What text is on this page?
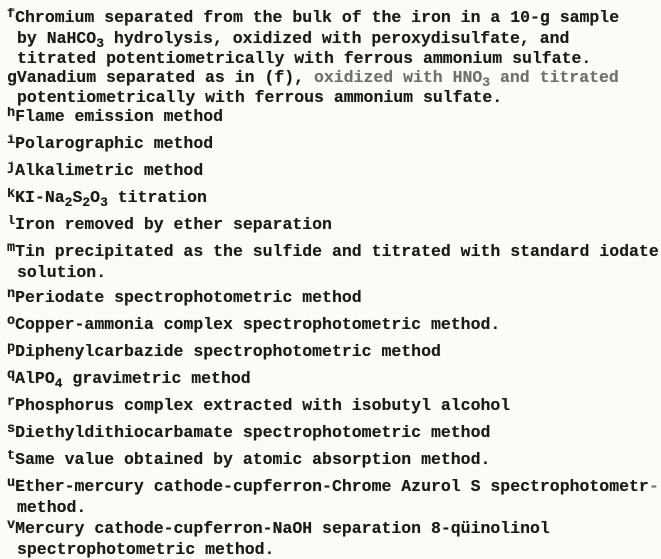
fChromium separated from the bulk of the iron in a 10-g sample
by NaHCO3 hydrolysis, oxidized with peroxydisulfate, and
titrated potentiometrically with ferrous ammonium sulfate.
gVanadium separated as in (f), oxidized with HNO3 and titrated
potentiometrically with ferrous ammonium sulfate.
hFlame emission method
iPolarographic method
jAlkalimetric method
kKI-Na2S2O3 titration
lIron removed by ether separation
mTin precipitated as the sulfide and titrated with standard iodate
solution.
nPeriodate spectrophotometric method
oCopper-ammonia complex spectrophotometric method.
pDiphenylcarbazide spectrophotometric method
qAlPO4 gravimetric method
rPhosphorus complex extracted with isobutyl alcohol
sDiethyldithiocarbamate spectrophotometric method
tSame value obtained by atomic absorption method.
uEther-mercury cathode-cupferron-Chrome Azurol S spectrophotometr-
method.
vMercury cathode-cupferron-NaOH separation 8-qüinolinol
spectrophotometric method.
